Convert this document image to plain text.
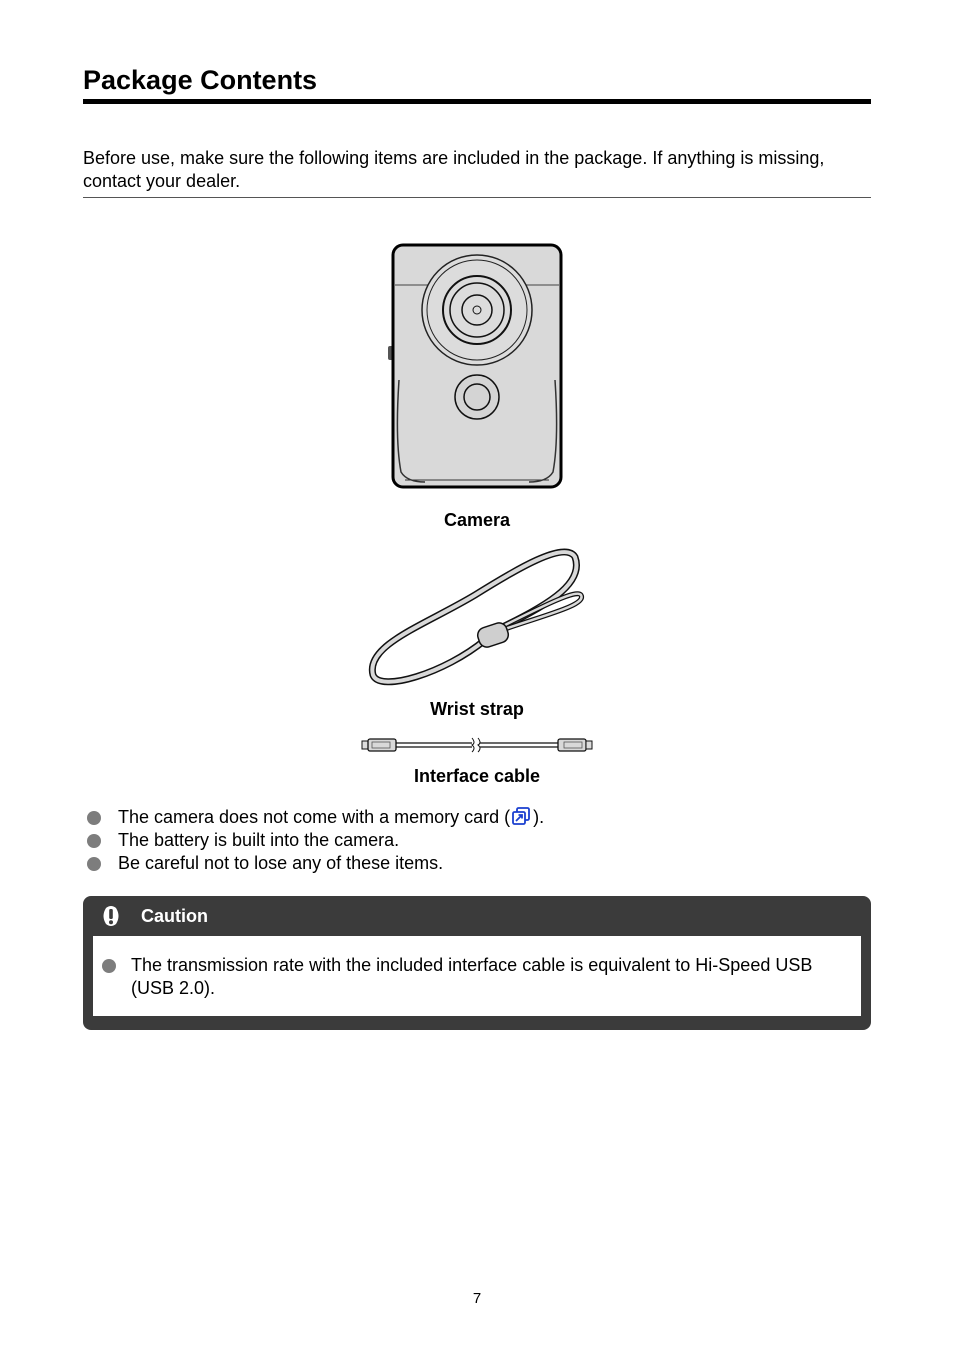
Package Contents
Before use, make sure the following items are included in the package. If anything is missing, contact your dealer.
Camera
Wrist strap
Interface cable
The camera does not come with a memory card ( ).
The battery is built into the camera.
Be careful not to lose any of these items.
Caution
The transmission rate with the included interface cable is equivalent to Hi-Speed USB (USB 2.0).
7
